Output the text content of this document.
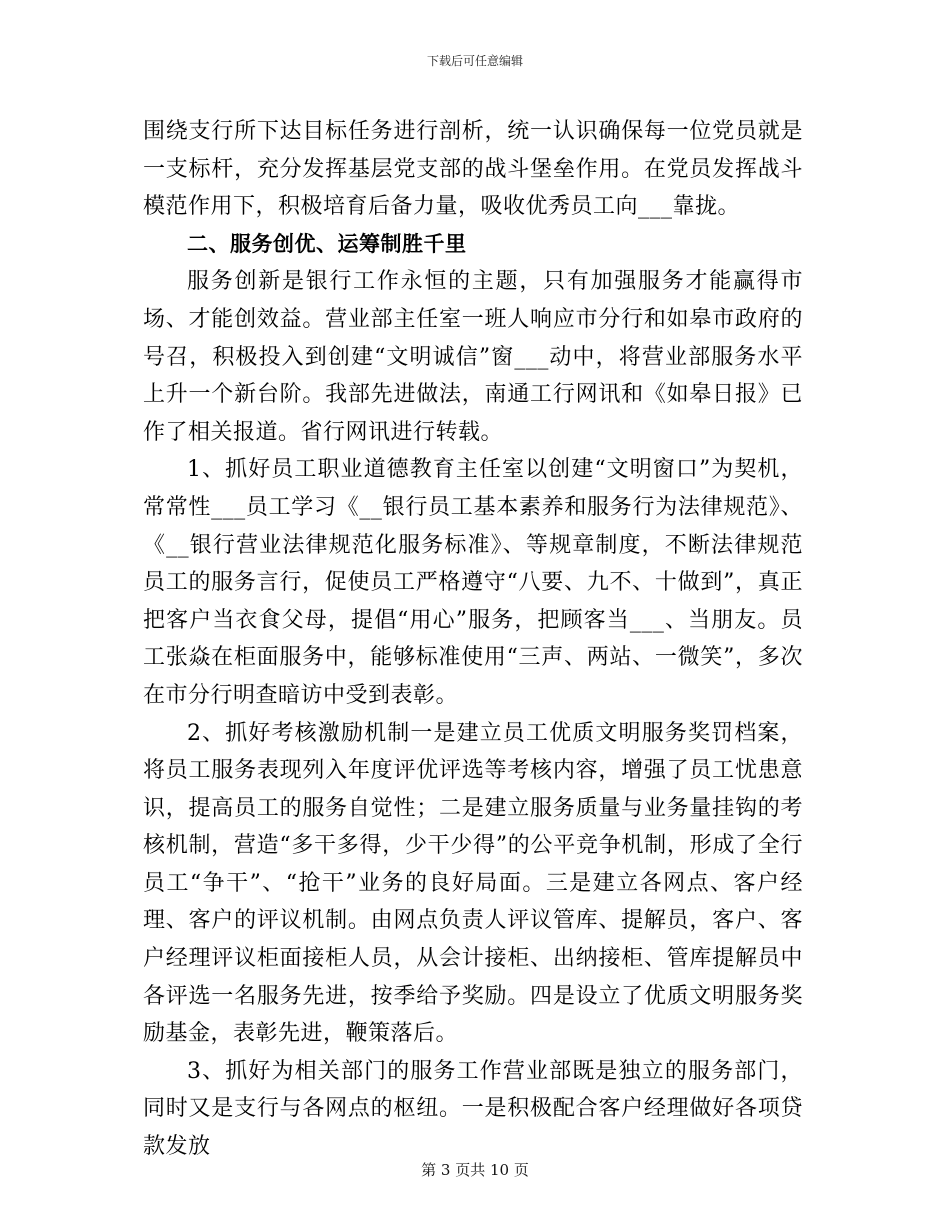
下载后可任意编辑

围绕支行所下达目标任务进行剖析，统一认识确保每一位党员就是一支标杆，充分发挥基层党支部的战斗堡垒作用。在党员发挥战斗模范作用下，积极培育后备力量，吸收优秀员工向___靠拢。

二、服务创优、运筹制胜千里

服务创新是银行工作永恒的主题，只有加强服务才能赢得市场、才能创效益。营业部主任室一班人响应市分行和如皋市政府的号召，积极投入到创建“文明诚信”窗___动中，将营业部服务水平上升一个新台阶。我部先进做法，南通工行网讯和《如皋日报》已作了相关报道。省行网讯进行转载。

1、抓好员工职业道德教育主任室以创建“文明窗口”为契机，常常性___员工学习《__银行员工基本素养和服务行为法律规范》、《__银行营业法律规范化服务标准》、等规章制度，不断法律规范员工的服务言行，促使员工严格遵守“八要、九不、十做到”，真正把客户当衣食父母，提倡“用心”服务，把顾客当___、当朋友。员工张焱在柜面服务中，能够标准使用“三声、两站、一微笑”，多次在市分行明查暗访中受到表彰。

2、抓好考核激励机制一是建立员工优质文明服务奖罚档案，将员工服务表现列入年度评优评选等考核内容，增强了员工忧患意识，提高员工的服务自觉性；二是建立服务质量与业务量挂钩的考核机制，营造“多干多得，少干少得”的公平竞争机制，形成了全行员工“争干”、“抢干”业务的良好局面。三是建立各网点、客户经理、客户的评议机制。由网点负责人评议管库、提解员，客户、客户经理评议柜面接柜人员，从会计接柜、出纳接柜、管库提解员中各评选一名服务先进，按季给予奖励。四是设立了优质文明服务奖励基金，表彰先进，鞭策落后。

3、抓好为相关部门的服务工作营业部既是独立的服务部门，同时又是支行与各网点的枢纽。一是积极配合客户经理做好各项贷款发放

第 3 页共 10 页
